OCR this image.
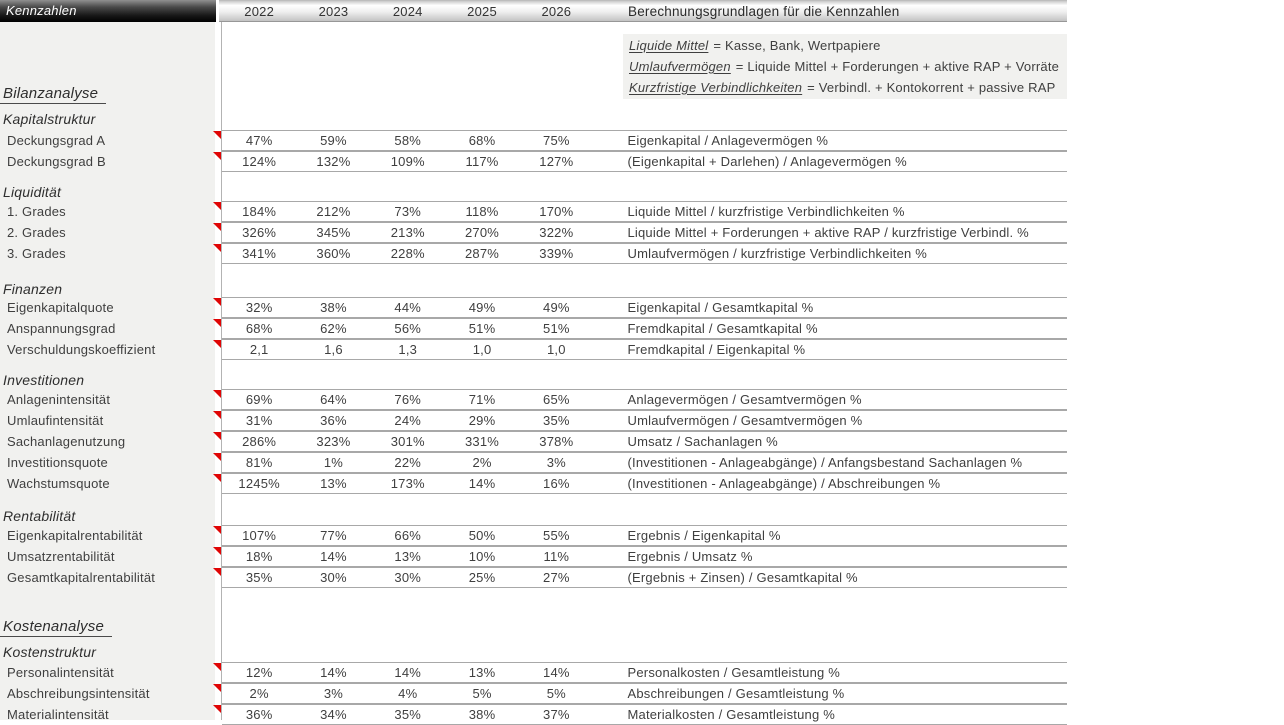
Kennzahlen	2022	2023	2024	2025	2026	Berechnungsgrundlagen für die Kennzahlen
Liquide Mittel = Kasse, Bank, Wertpapiere
Umlaufvermögen = Liquide Mittel + Forderungen + aktive RAP + Vorräte
Kurzfristige Verbindlichkeiten = Verbindl. + Kontokorrent + passive RAP
Bilanzanalyse
Kapitalstruktur
Deckungsgrad A	47%	59%	58%	68%	75%	Eigenkapital / Anlagevermögen %
Deckungsgrad B	124%	132%	109%	117%	127%	(Eigenkapital + Darlehen) / Anlagevermögen %
Liquidität
1. Grades	184%	212%	73%	118%	170%	Liquide Mittel / kurzfristige Verbindlichkeiten %
2. Grades	326%	345%	213%	270%	322%	Liquide Mittel + Forderungen + aktive RAP / kurzfristige Verbindl. %
3. Grades	341%	360%	228%	287%	339%	Umlaufvermögen / kurzfristige Verbindlichkeiten %
Finanzen
Eigenkapitalquote	32%	38%	44%	49%	49%	Eigenkapital / Gesamtkapital %
Anspannungsgrad	68%	62%	56%	51%	51%	Fremdkapital / Gesamtkapital %
Verschuldungskoeffizient	2,1	1,6	1,3	1,0	1,0	Fremdkapital / Eigenkapital %
Investitionen
Anlagenintensität	69%	64%	76%	71%	65%	Anlagevermögen / Gesamtvermögen %
Umlaufintensität	31%	36%	24%	29%	35%	Umlaufvermögen / Gesamtvermögen %
Sachanlagenutzung	286%	323%	301%	331%	378%	Umsatz / Sachanlagen %
Investitionsquote	81%	1%	22%	2%	3%	(Investitionen - Anlageabgänge) / Anfangsbestand Sachanlagen %
Wachstumsquote	1245%	13%	173%	14%	16%	(Investitionen - Anlageabgänge) / Abschreibungen %
Rentabilität
Eigenkapitalrentabilität	107%	77%	66%	50%	55%	Ergebnis / Eigenkapital %
Umsatzrentabilität	18%	14%	13%	10%	11%	Ergebnis / Umsatz %
Gesamtkapitalrentabilität	35%	30%	30%	25%	27%	(Ergebnis + Zinsen) / Gesamtkapital %
Kostenanalyse
Kostenstruktur
Personalintensität	12%	14%	14%	13%	14%	Personalkosten / Gesamtleistung %
Abschreibungsintensität	2%	3%	4%	5%	5%	Abschreibungen / Gesamtleistung %
Materialintensität	36%	34%	35%	38%	37%	Materialkosten / Gesamtleistung %
